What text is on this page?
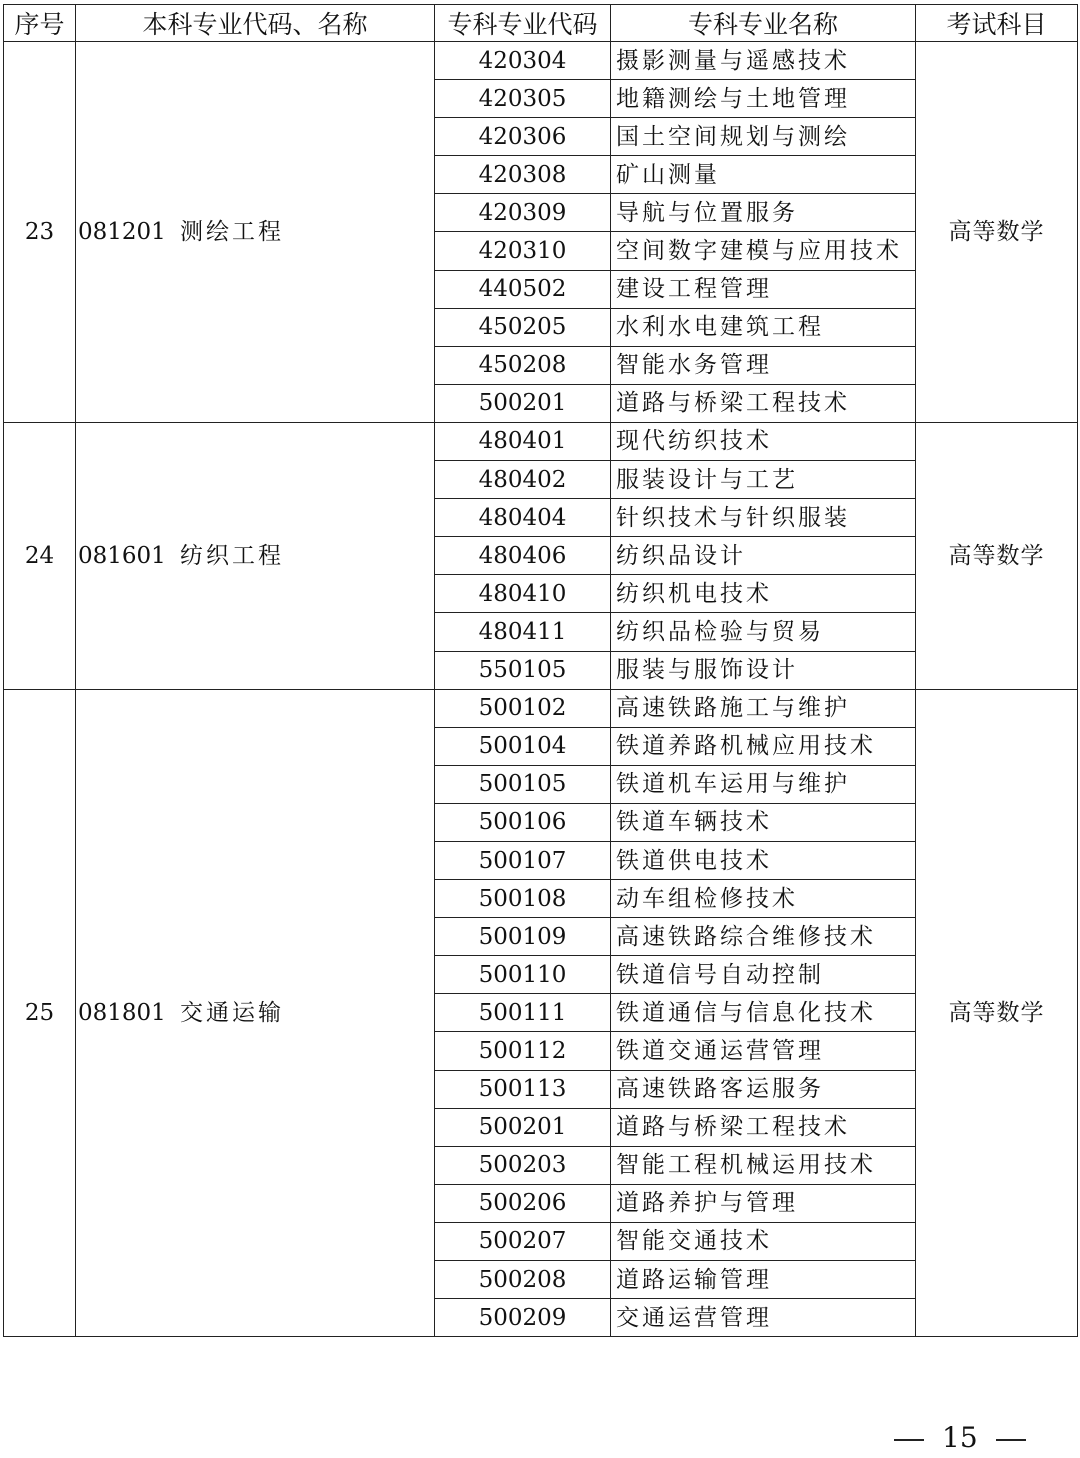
序号	本科专业代码、名称	专科专业代码	专科专业名称	考试科目
23	081201 测绘工程	420304	摄影测量与遥感技术	高等数学
		420305	地籍测绘与土地管理	
		420306	国土空间规划与测绘	
		420308	矿山测量	
		420309	导航与位置服务	
		420310	空间数字建模与应用技术	
		440502	建设工程管理	
		450205	水利水电建筑工程	
		450208	智能水务管理	
		500201	道路与桥梁工程技术	
24	081601 纺织工程	480401	现代纺织技术	高等数学
		480402	服装设计与工艺	
		480404	针织技术与针织服装	
		480406	纺织品设计	
		480410	纺织机电技术	
		480411	纺织品检验与贸易	
		550105	服装与服饰设计	
25	081801 交通运输	500102	高速铁路施工与维护	高等数学
		500104	铁道养路机械应用技术	
		500105	铁道机车运用与维护	
		500106	铁道车辆技术	
		500107	铁道供电技术	
		500108	动车组检修技术	
		500109	高速铁路综合维修技术	
		500110	铁道信号自动控制	
		500111	铁道通信与信息化技术	
		500112	铁道交通运营管理	
		500113	高速铁路客运服务	
		500201	道路与桥梁工程技术	
		500203	智能工程机械运用技术	
		500206	道路养护与管理	
		500207	智能交通技术	
		500208	道路运输管理	
		500209	交通运营管理	
15
